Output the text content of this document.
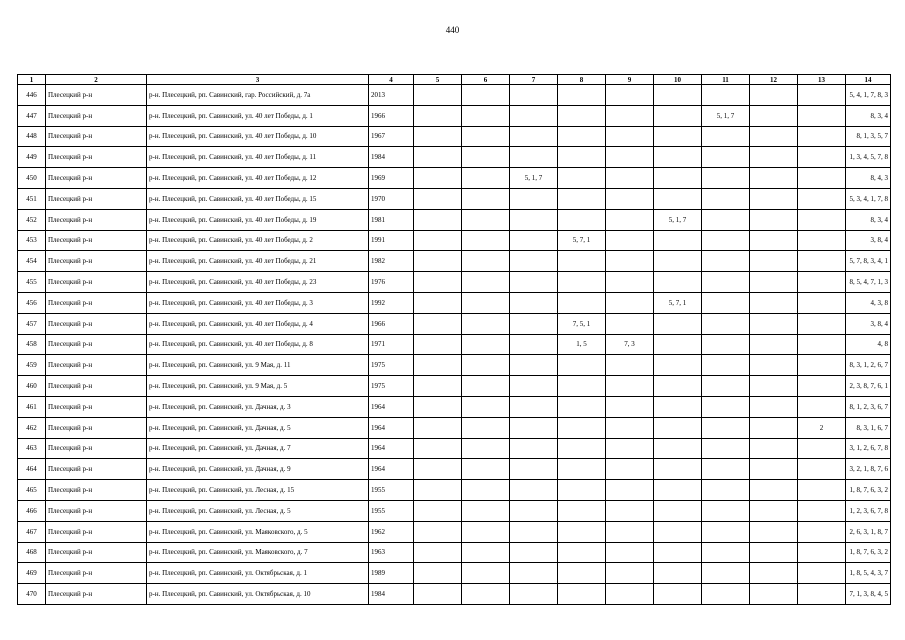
440
1	2	3	4	5	6	7	8	9	10	11	12	13	14
446	Плесецкий р-н	р-н. Плесецкий, рп. Савинский, гар. Российский, д. 7а	2013										5, 4, 1, 7, 8, 3

447	Плесецкий р-н	р-н. Плесецкий, рп. Савинский, ул. 40 лет Победы, д. 1	1966							5, 1, 7			8, 3, 4

448	Плесецкий р-н	р-н. Плесецкий, рп. Савинский, ул. 40 лет Победы, д. 10	1967										8, 1, 3, 5, 7

449	Плесецкий р-н	р-н. Плесецкий, рп. Савинский, ул. 40 лет Победы, д. 11	1984										1, 3, 4, 5, 7, 8

450	Плесецкий р-н	р-н. Плесецкий, рп. Савинский, ул. 40 лет Победы, д. 12	1969			5, 1, 7							8, 4, 3

451	Плесецкий р-н	р-н. Плесецкий, рп. Савинский, ул. 40 лет Победы, д. 15	1970										5, 3, 4, 1, 7, 8

452	Плесецкий р-н	р-н. Плесецкий, рп. Савинский, ул. 40 лет Победы, д. 19	1981						5, 1, 7				8, 3, 4

453	Плесецкий р-н	р-н. Плесецкий, рп. Савинский, ул. 40 лет Победы, д. 2	1991				5, 7, 1						3, 8, 4

454	Плесецкий р-н	р-н. Плесецкий, рп. Савинский, ул. 40 лет Победы, д. 21	1982										5, 7, 8, 3, 4, 1

455	Плесецкий р-н	р-н. Плесецкий, рп. Савинский, ул. 40 лет Победы, д. 23	1976										8, 5, 4, 7, 1, 3

456	Плесецкий р-н	р-н. Плесецкий, рп. Савинский, ул. 40 лет Победы, д. 3	1992						5, 7, 1				4, 3, 8

457	Плесецкий р-н	р-н. Плесецкий, рп. Савинский, ул. 40 лет Победы, д. 4	1966				7, 5, 1						3, 8, 4

458	Плесецкий р-н	р-н. Плесецкий, рп. Савинский, ул. 40 лет Победы, д. 8	1971				1, 5	7, 3					4, 8

459	Плесецкий р-н	р-н. Плесецкий, рп. Савинский, ул. 9 Мая, д. 11	1975										8, 3, 1, 2, 6, 7

460	Плесецкий р-н	р-н. Плесецкий, рп. Савинский, ул. 9 Мая, д. 5	1975										2, 3, 8, 7, 6, 1

461	Плесецкий р-н	р-н. Плесецкий, рп. Савинский, ул. Дачная, д. 3	1964										8, 1, 2, 3, 6, 7

462	Плесецкий р-н	р-н. Плесецкий, рп. Савинский, ул. Дачная, д. 5	1964									2	8, 3, 1, 6, 7

463	Плесецкий р-н	р-н. Плесецкий, рп. Савинский, ул. Дачная, д. 7	1964										3, 1, 2, 6, 7, 8

464	Плесецкий р-н	р-н. Плесецкий, рп. Савинский, ул. Дачная, д. 9	1964										3, 2, 1, 8, 7, 6

465	Плесецкий р-н	р-н. Плесецкий, рп. Савинский, ул. Лесная, д. 15	1955										1, 8, 7, 6, 3, 2

466	Плесецкий р-н	р-н. Плесецкий, рп. Савинский, ул. Лесная, д. 5	1955										1, 2, 3, 6, 7, 8

467	Плесецкий р-н	р-н. Плесецкий, рп. Савинский, ул. Маяковского, д. 5	1962										2, 6, 3, 1, 8, 7

468	Плесецкий р-н	р-н. Плесецкий, рп. Савинский, ул. Маяковского, д. 7	1963										1, 8, 7, 6, 3, 2

469	Плесецкий р-н	р-н. Плесецкий, рп. Савинский, ул. Октябрьская, д. 1	1989										1, 8, 5, 4, 3, 7

470	Плесецкий р-н	р-н. Плесецкий, рп. Савинский, ул. Октябрьская, д. 10	1984										7, 1, 3, 8, 4, 5
